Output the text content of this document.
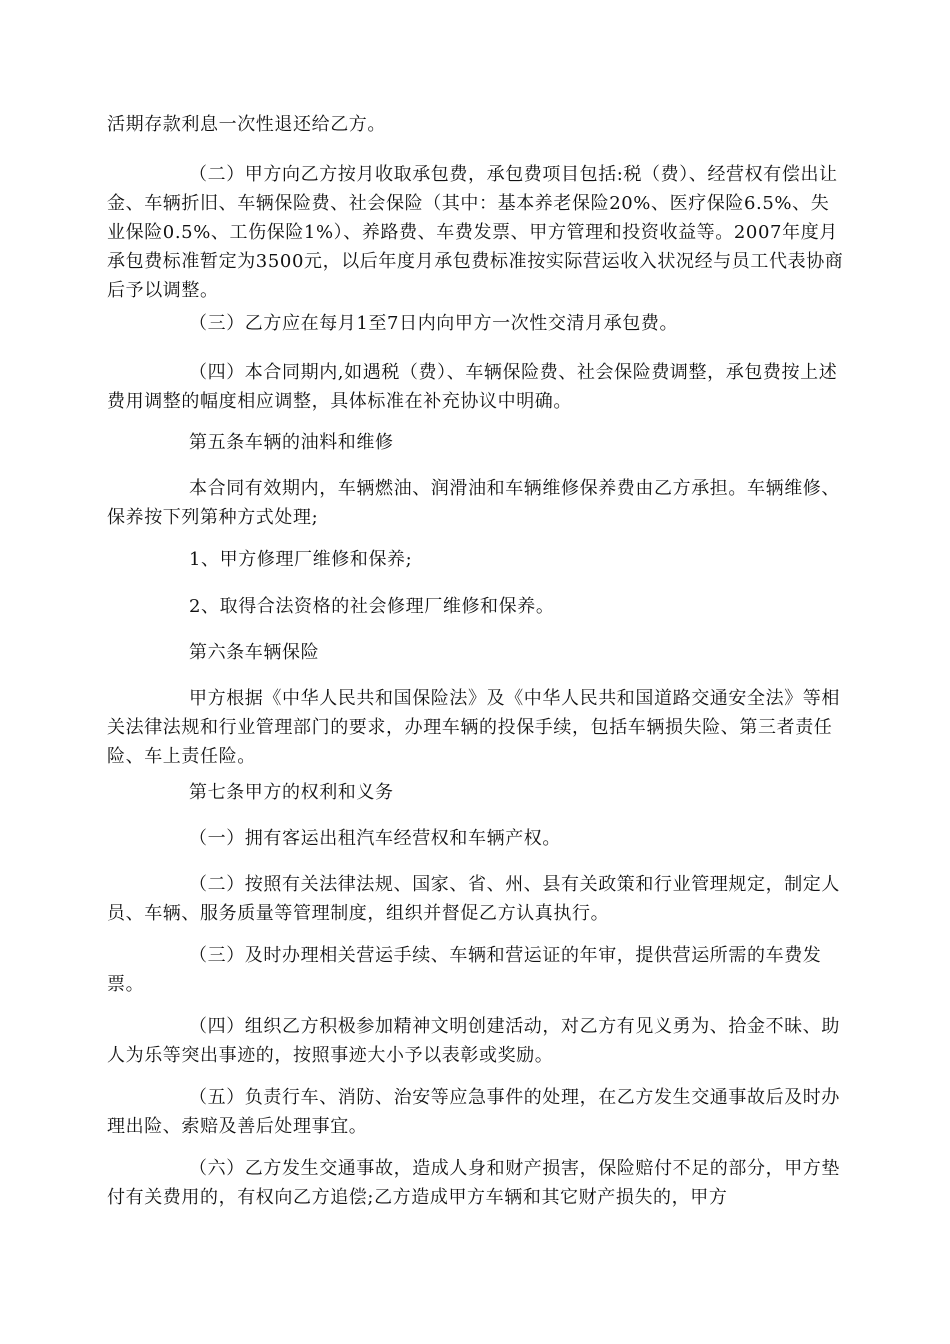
活期存款利息一次性退还给乙方。

（二）甲方向乙方按月收取承包费，承包费项目包括:税（费）、经营权有偿出让金、车辆折旧、车辆保险费、社会保险（其中：基本养老保险20%、医疗保险6.5%、失业保险0.5%、工伤保险1%）、养路费、车费发票、甲方管理和投资收益等。2007年度月承包费标准暂定为3500元，以后年度月承包费标准按实际营运收入状况经与员工代表协商后予以调整。

（三）乙方应在每月1至7日内向甲方一次性交清月承包费。

（四）本合同期内,如遇税（费）、车辆保险费、社会保险费调整，承包费按上述费用调整的幅度相应调整，具体标准在补充协议中明确。

第五条车辆的油料和维修

本合同有效期内，车辆燃油、润滑油和车辆维修保养费由乙方承担。车辆维修、保养按下列第种方式处理;

1、甲方修理厂维修和保养;

2、取得合法资格的社会修理厂维修和保养。

第六条车辆保险

甲方根据《中华人民共和国保险法》及《中华人民共和国道路交通安全法》等相关法律法规和行业管理部门的要求，办理车辆的投保手续，包括车辆损失险、第三者责任险、车上责任险。

第七条甲方的权利和义务

（一）拥有客运出租汽车经营权和车辆产权。

（二）按照有关法律法规、国家、省、州、县有关政策和行业管理规定，制定人员、车辆、服务质量等管理制度，组织并督促乙方认真执行。

（三）及时办理相关营运手续、车辆和营运证的年审，提供营运所需的车费发票。

（四）组织乙方积极参加精神文明创建活动，对乙方有见义勇为、拾金不昧、助人为乐等突出事迹的，按照事迹大小予以表彰或奖励。

（五）负责行车、消防、治安等应急事件的处理，在乙方发生交通事故后及时办理出险、索赔及善后处理事宜。

（六）乙方发生交通事故，造成人身和财产损害，保险赔付不足的部分，甲方垫付有关费用的，有权向乙方追偿;乙方造成甲方车辆和其它财产损失的，甲方
